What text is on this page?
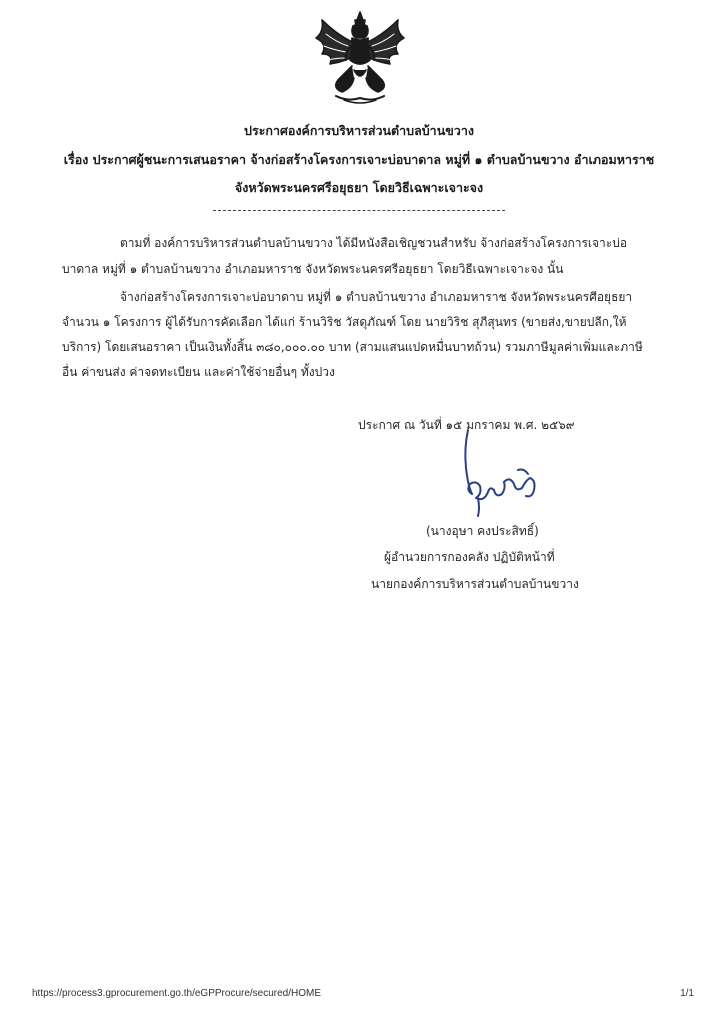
ประกาศองค์การบริหารส่วนตำบลบ้านขวาง
เรื่อง ประกาศผู้ชนะการเสนอราคา จ้างก่อสร้างโครงการเจาะบ่อบาดาล หมู่ที่ ๑ ตำบลบ้านขวาง อำเภอมหาราช
จังหวัดพระนครศรีอยุธยา โดยวิธีเฉพาะเจาะจง
ตามที่ องค์การบริหารส่วนตำบลบ้านขวาง ได้มีหนังสือเชิญชวนสำหรับ จ้างก่อสร้างโครงการเจาะบ่อ
บาดาล หมู่ที่ ๑ ตำบลบ้านขวาง อำเภอมหาราช จังหวัดพระนครศรีอยุธยา โดยวิธีเฉพาะเจาะจง นั้น
จ้างก่อสร้างโครงการเจาะบ่อบาดาบ หมู่ที่ ๑ ตำบลบ้านขวาง อำเภอมหาราช จังหวัดพระนครศีอยุธยา
จำนวน ๑ โครงการ ผู้ได้รับการคัดเลือก ได้แก่ ร้านวิริช วัสดุภัณฑ์ โดย นายวิริช สุภีสุนทร (ขายส่ง,ขายปลีก,ให้
บริการ) โดยเสนอราคา เป็นเงินทั้งสิ้น ๓๘๐,๐๐๐.๐๐ บาท (สามแสนแปดหมื่นบาทถ้วน) รวมภาษีมูลค่าเพิ่มและภาษี
อื่น ค่าขนส่ง ค่าจดทะเบียน และค่าใช้จ่ายอื่นๆ ทั้งปวง
ประกาศ ณ วันที่ ๑๕ มกราคม พ.ศ. ๒๕๖๙
(นางอุษา คงประสิทธิ์)
ผู้อำนวยการกองคลัง ปฏิบัติหน้าที่
นายกองค์การบริหารส่วนตำบลบ้านขวาง
https://process3.gprocurement.go.th/eGPProcure/secured/HOME	1/1
